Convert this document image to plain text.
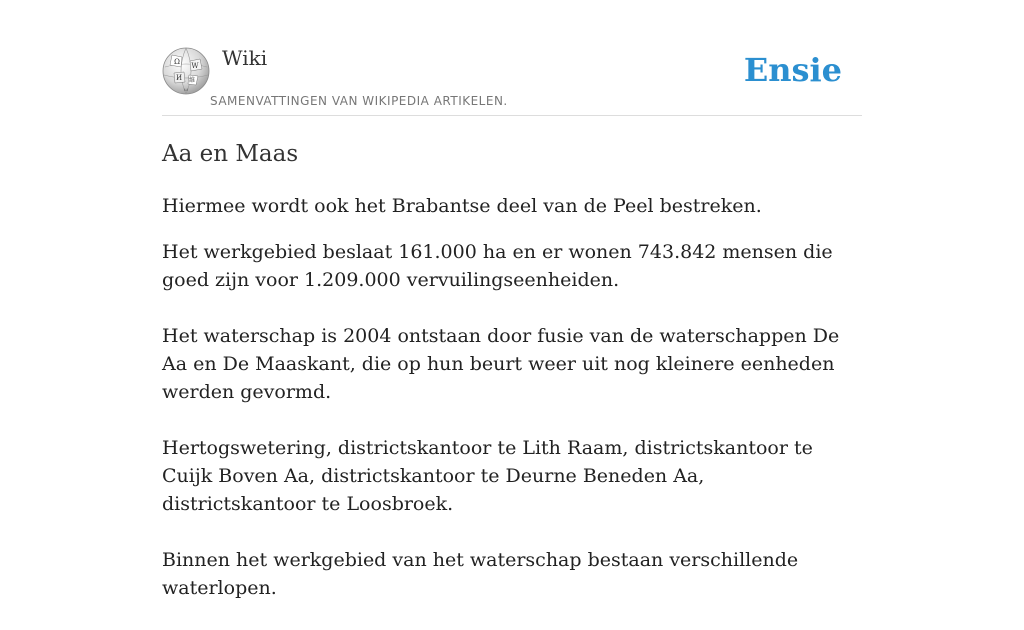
Ω W
И 維
ω
Wiki
SAMENVATTINGEN VAN WIKIPEDIA ARTIKELEN.
Ensie
Aa en Maas

Hiermee wordt ook het Brabantse deel van de Peel bestreken.

Het werkgebied beslaat 161.000 ha en er wonen 743.842 mensen die goed zijn voor 1.209.000 vervuilingseenheiden.

Het waterschap is 2004 ontstaan door fusie van de waterschappen De Aa en De Maaskant, die op hun beurt weer uit nog kleinere eenheden werden gevormd.

Hertogswetering, districtskantoor te Lith Raam, districtskantoor te Cuijk Boven Aa, districtskantoor te Deurne Beneden Aa, districtskantoor te Loosbroek.

Binnen het werkgebied van het waterschap bestaan verschillende waterlopen.
